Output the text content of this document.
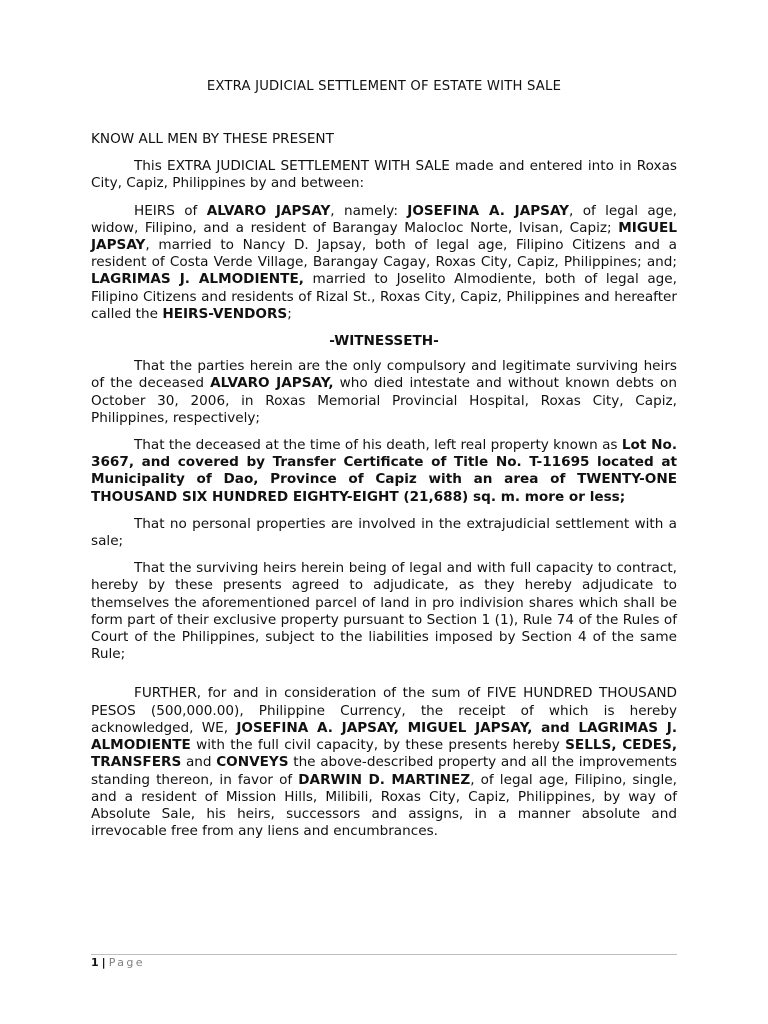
EXTRA JUDICIAL SETTLEMENT OF ESTATE WITH SALE

KNOW ALL MEN BY THESE PRESENT

This EXTRA JUDICIAL SETTLEMENT WITH SALE made and entered into in Roxas City, Capiz, Philippines by and between:

HEIRS of ALVARO JAPSAY, namely: JOSEFINA A. JAPSAY, of legal age, widow, Filipino, and a resident of Barangay Malocloc Norte, Ivisan, Capiz; MIGUEL JAPSAY, married to Nancy D. Japsay, both of legal age, Filipino Citizens and a resident of Costa Verde Village, Barangay Cagay, Roxas City, Capiz, Philippines; and; LAGRIMAS J. ALMODIENTE, married to Joselito Almodiente, both of legal age, Filipino Citizens and residents of Rizal St., Roxas City, Capiz, Philippines and hereafter called the HEIRS-VENDORS;

-WITNESSETH-

That the parties herein are the only compulsory and legitimate surviving heirs of the deceased ALVARO JAPSAY, who died intestate and without known debts on October 30, 2006, in Roxas Memorial Provincial Hospital, Roxas City, Capiz, Philippines, respectively;

That the deceased at the time of his death, left real property known as Lot No. 3667, and covered by Transfer Certificate of Title No. T-11695 located at Municipality of Dao, Province of Capiz with an area of TWENTY-ONE THOUSAND SIX HUNDRED EIGHTY-EIGHT (21,688) sq. m. more or less;

That no personal properties are involved in the extrajudicial settlement with a sale;

That the surviving heirs herein being of legal and with full capacity to contract, hereby by these presents agreed to adjudicate, as they hereby adjudicate to themselves the aforementioned parcel of land in pro indivision shares which shall be form part of their exclusive property pursuant to Section 1 (1), Rule 74 of the Rules of Court of the Philippines, subject to the liabilities imposed by Section 4 of the same Rule;

FURTHER, for and in consideration of the sum of FIVE HUNDRED THOUSAND PESOS (500,000.00), Philippine Currency, the receipt of which is hereby acknowledged, WE, JOSEFINA A. JAPSAY, MIGUEL JAPSAY, and LAGRIMAS J. ALMODIENTE with the full civil capacity, by these presents hereby SELLS, CEDES, TRANSFERS and CONVEYS the above-described property and all the improvements standing thereon, in favor of DARWIN D. MARTINEZ, of legal age, Filipino, single, and a resident of Mission Hills, Milibili, Roxas City, Capiz, Philippines, by way of Absolute Sale, his heirs, successors and assigns, in a manner absolute and irrevocable free from any liens and encumbrances.

1 | Page
